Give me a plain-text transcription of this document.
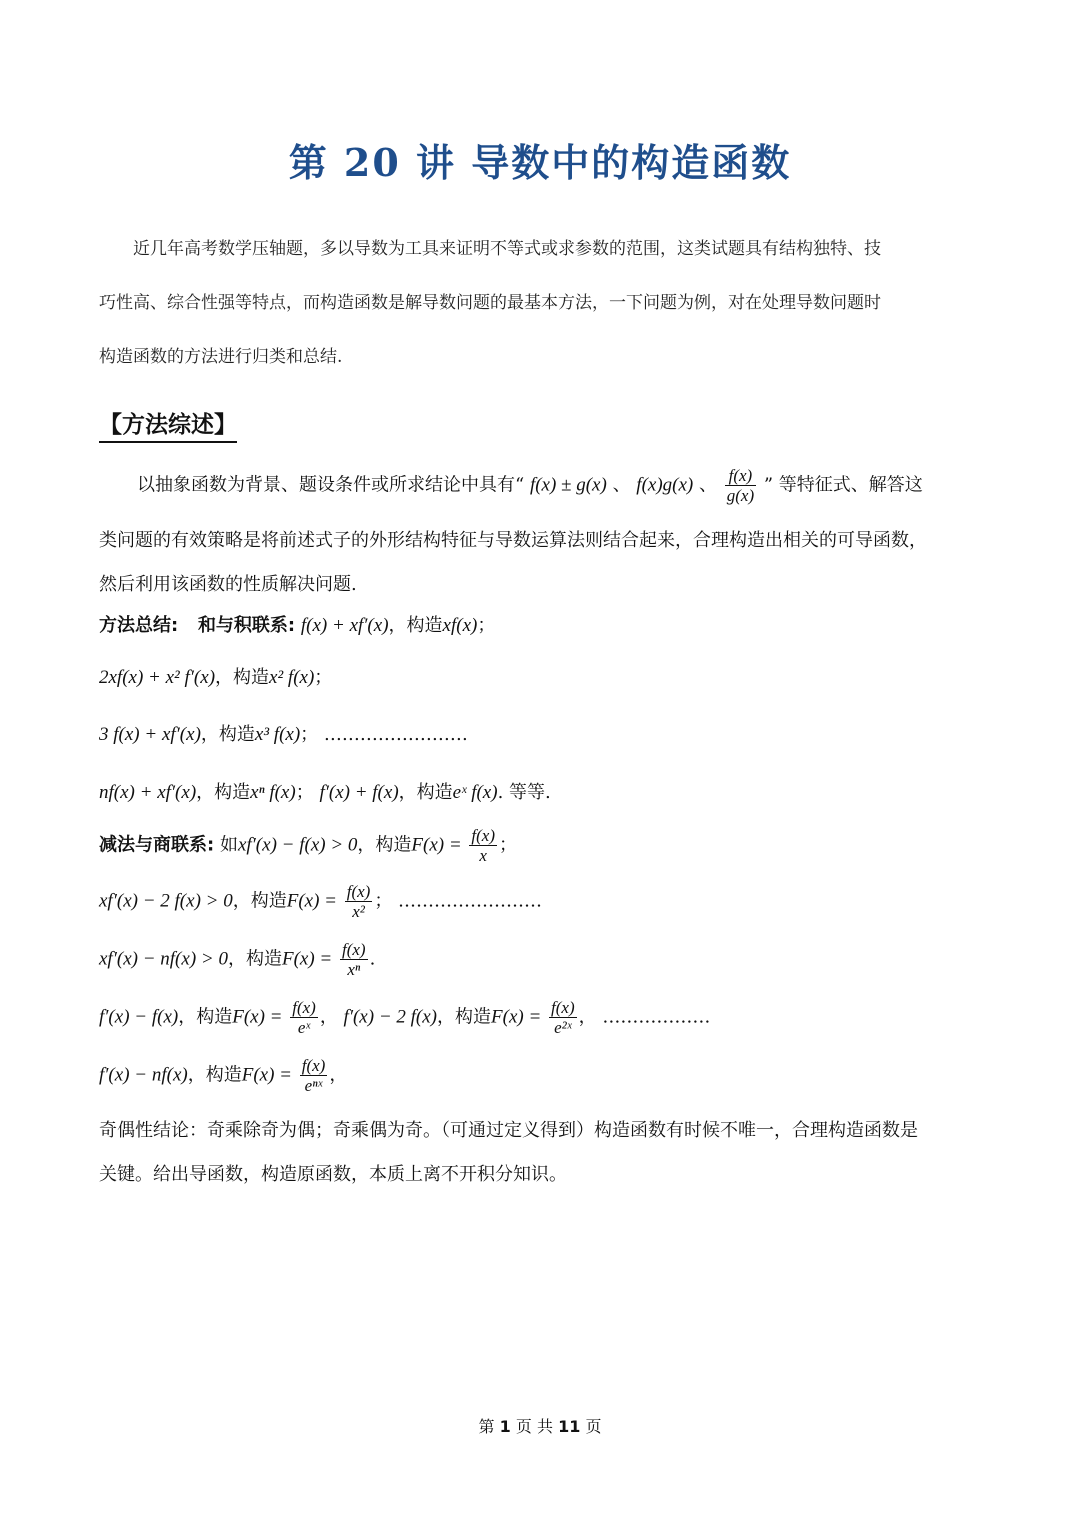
第 20 讲 导数中的构造函数
近几年高考数学压轴题，多以导数为工具来证明不等式或求参数的范围，这类试题具有结构独特、技
巧性高、综合性强等特点，而构造函数是解导数问题的最基本方法，一下问题为例，对在处理导数问题时
构造函数的方法进行归类和总结.
【方法综述】
以抽象函数为背景、题设条件或所求结论中具有“ f(x) ± g(x) 、 f(x)g(x) 、 $\frac{f(x)}{g(x)}$ ” 等特征式、解答这
类问题的有效策略是将前述式子的外形结构特征与导数运算法则结合起来，合理构造出相关的可导函数，
然后利用该函数的性质解决问题.
方法总结: 和与积联系: f(x) + xf′(x)，构造xf(x)；
2xf(x) + x² f′(x)，构造x² f(x)；
3 f(x) + xf′(x)，构造x³ f(x)； ……………………
nf(x) + xf′(x)，构造xⁿ f(x)； f′(x) + f(x)，构造eˣ f(x). 等等.
减法与商联系: 如xf′(x) − f(x) > 0，构造$F(x) = \frac{f(x)}{x}$ ；
xf′(x) − 2 f(x) > 0，构造$F(x) = \frac{f(x)}{\text{x²}}$ ； ……………………
xf′(x) − nf(x) > 0，构造$F(x) = \frac{f(x)}{\text{xⁿ}}$ .
f′(x) − f(x)，构造$F(x) = \frac{f(x)}{\text{eˣ}}$ ， f′(x) − 2 f(x)，构造$F(x) = \frac{f(x)}{\text{e²ˣ}}$ ， ………………
f′(x) − nf(x)，构造$F(x) = \frac{f(x)}{\text{eⁿˣ}}$ ，
奇偶性结论：奇乘除奇为偶；奇乘偶为奇。（可通过定义得到）构造函数有时候不唯一，合理构造函数是
关键。给出导函数，构造原函数，本质上离不开积分知识。
第 1 页 共 11 页
